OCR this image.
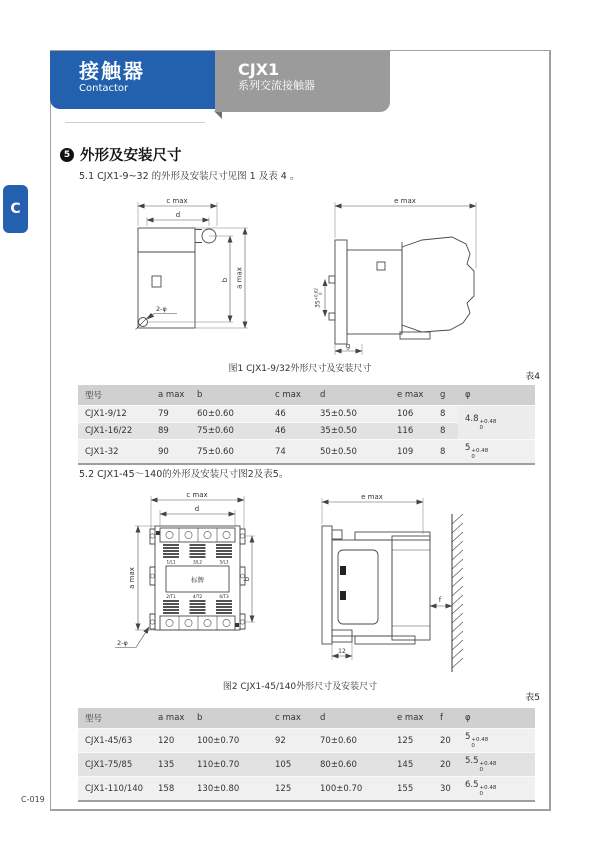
CJX1
系列交流接触器
接触器
Contactor
C
5 外形及安装尺寸
5.1 CJX1-9~32 的外形及安装尺寸见图 1 及表 4 。
c max
d
2-φ
b a max
e max
$35^{+0.62}0$
g
图1 CJX1-9/32外形尺寸及安装尺寸
表4
型号	a max	b	c max	d	e max	g	φ
CJX1-9/12	79	60±0.60	46	35±0.50	106	8	4.8 +0.48
0

CJX1-16/22	89	75±0.60	46	35±0.50	116	8	
CJX1-32	90	75±0.60	74	50±0.50	109	8	5 +0.48
0
5.2 CJX1-45～140的外形及安装尺寸图2及表5。
c max
d
1/L1	3/L2	5/L3
标牌
2/T1	4/T2	6/T3
a max	b
2-φ
e max
12
f
图2 CJX1-45/140外形尺寸及安装尺寸
表5
型号	a max	b	c max	d	e max	f	φ
CJX1-45/63	120	100±0.70	92	70±0.60	125	20	5 +0.48
0

CJX1-75/85	135	110±0.70	105	80±0.60	145	20	5.5 +0.48
0

CJX1-110/140	158	130±0.80	125	100±0.70	155	30	6.5 +0.48
0
C-019
